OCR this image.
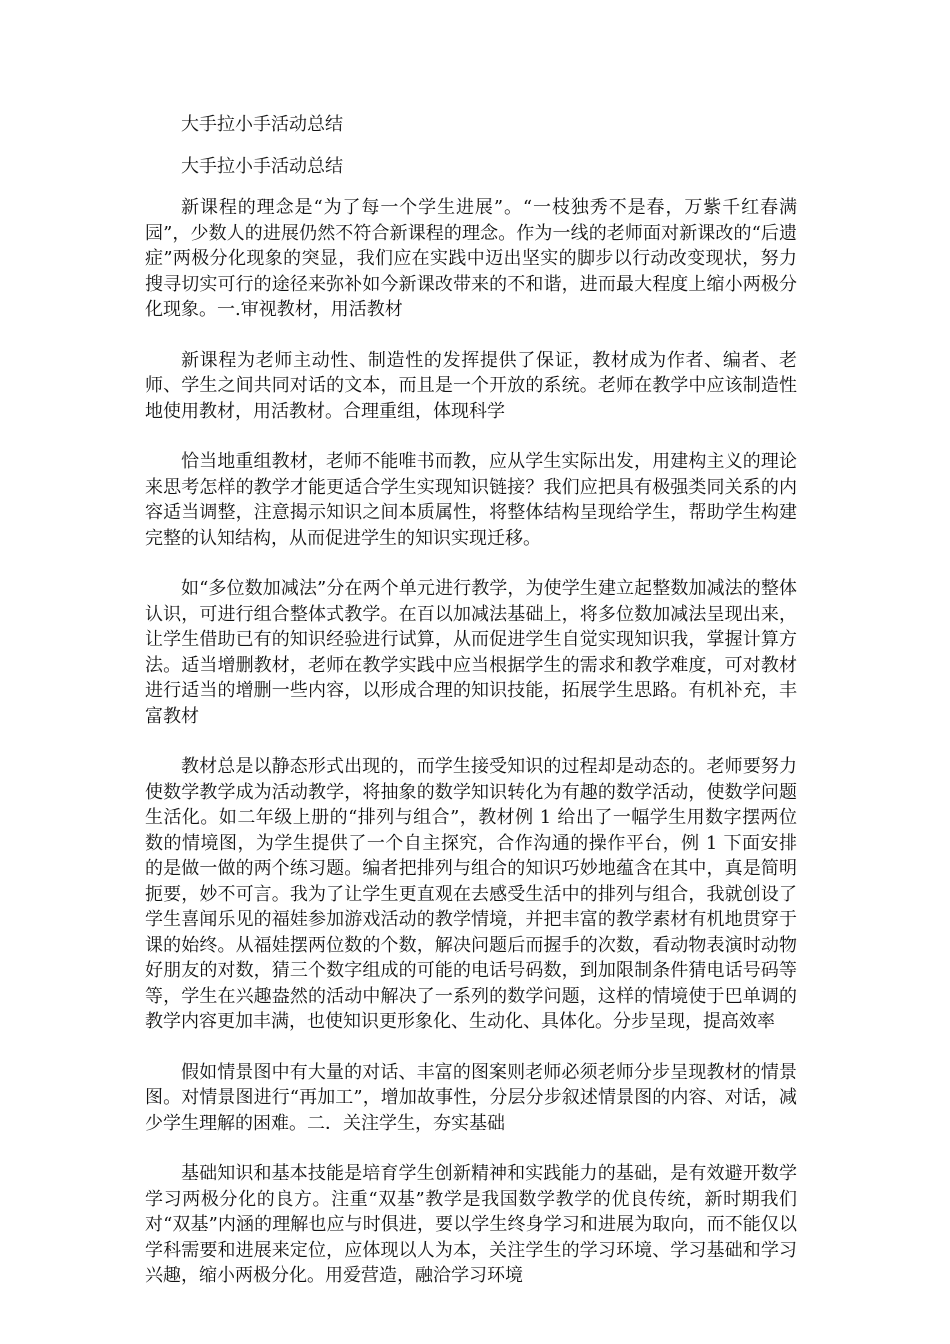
大手拉小手活动总结

大手拉小手活动总结

新课程的理念是“为了每一个学生进展”。“一枝独秀不是春，万紫千红春满园”，少数人的进展仍然不符合新课程的理念。作为一线的老师面对新课改的“后遗症”两极分化现象的突显，我们应在实践中迈出坚实的脚步以行动改变现状，努力搜寻切实可行的途径来弥补如今新课改带来的不和谐，进而最大程度上缩小两极分化现象。一.审视教材，用活教材

新课程为老师主动性、制造性的发挥提供了保证，教材成为作者、编者、老师、学生之间共同对话的文本，而且是一个开放的系统。老师在教学中应该制造性地使用教材，用活教材。合理重组，体现科学

恰当地重组教材，老师不能唯书而教，应从学生实际出发，用建构主义的理论来思考怎样的教学才能更适合学生实现知识链接？我们应把具有极强类同关系的内容适当调整，注意揭示知识之间本质属性，将整体结构呈现给学生，帮助学生构建完整的认知结构，从而促进学生的知识实现迁移。

如“多位数加减法”分在两个单元进行教学，为使学生建立起整数加减法的整体认识，可进行组合整体式教学。在百以加减法基础上，将多位数加减法呈现出来，让学生借助已有的知识经验进行试算，从而促进学生自觉实现知识我，掌握计算方法。适当增删教材，老师在教学实践中应当根据学生的需求和教学难度，可对教材进行适当的增删一些内容，以形成合理的知识技能，拓展学生思路。有机补充，丰富教材

教材总是以静态形式出现的，而学生接受知识的过程却是动态的。老师要努力使数学教学成为活动教学，将抽象的数学知识转化为有趣的数学活动，使数学问题生活化。如二年级上册的“排列与组合”，教材例 1 给出了一幅学生用数字摆两位数的情境图，为学生提供了一个自主探究，合作沟通的操作平台，例 1 下面安排的是做一做的两个练习题。编者把排列与组合的知识巧妙地蕴含在其中，真是简明扼要，妙不可言。我为了让学生更直观在去感受生活中的排列与组合，我就创设了学生喜闻乐见的福娃参加游戏活动的教学情境，并把丰富的教学素材有机地贯穿于课的始终。从福娃摆两位数的个数，解决问题后而握手的次数，看动物表演时动物好朋友的对数，猜三个数字组成的可能的电话号码数，到加限制条件猜电话号码等等，学生在兴趣盎然的活动中解决了一系列的数学问题，这样的情境使于巴单调的教学内容更加丰满，也使知识更形象化、生动化、具体化。分步呈现，提高效率

假如情景图中有大量的对话、丰富的图案则老师必须老师分步呈现教材的情景图。对情景图进行“再加工”，增加故事性，分层分步叙述情景图的内容、对话，减少学生理解的困难。二．关注学生，夯实基础

基础知识和基本技能是培育学生创新精神和实践能力的基础，是有效避开数学学习两极分化的良方。注重“双基”教学是我国数学教学的优良传统，新时期我们对“双基”内涵的理解也应与时俱进，要以学生终身学习和进展为取向，而不能仅以学科需要和进展来定位，应体现以人为本，关注学生的学习环境、学习基础和学习兴趣，缩小两极分化。用爱营造，融洽学习环境
